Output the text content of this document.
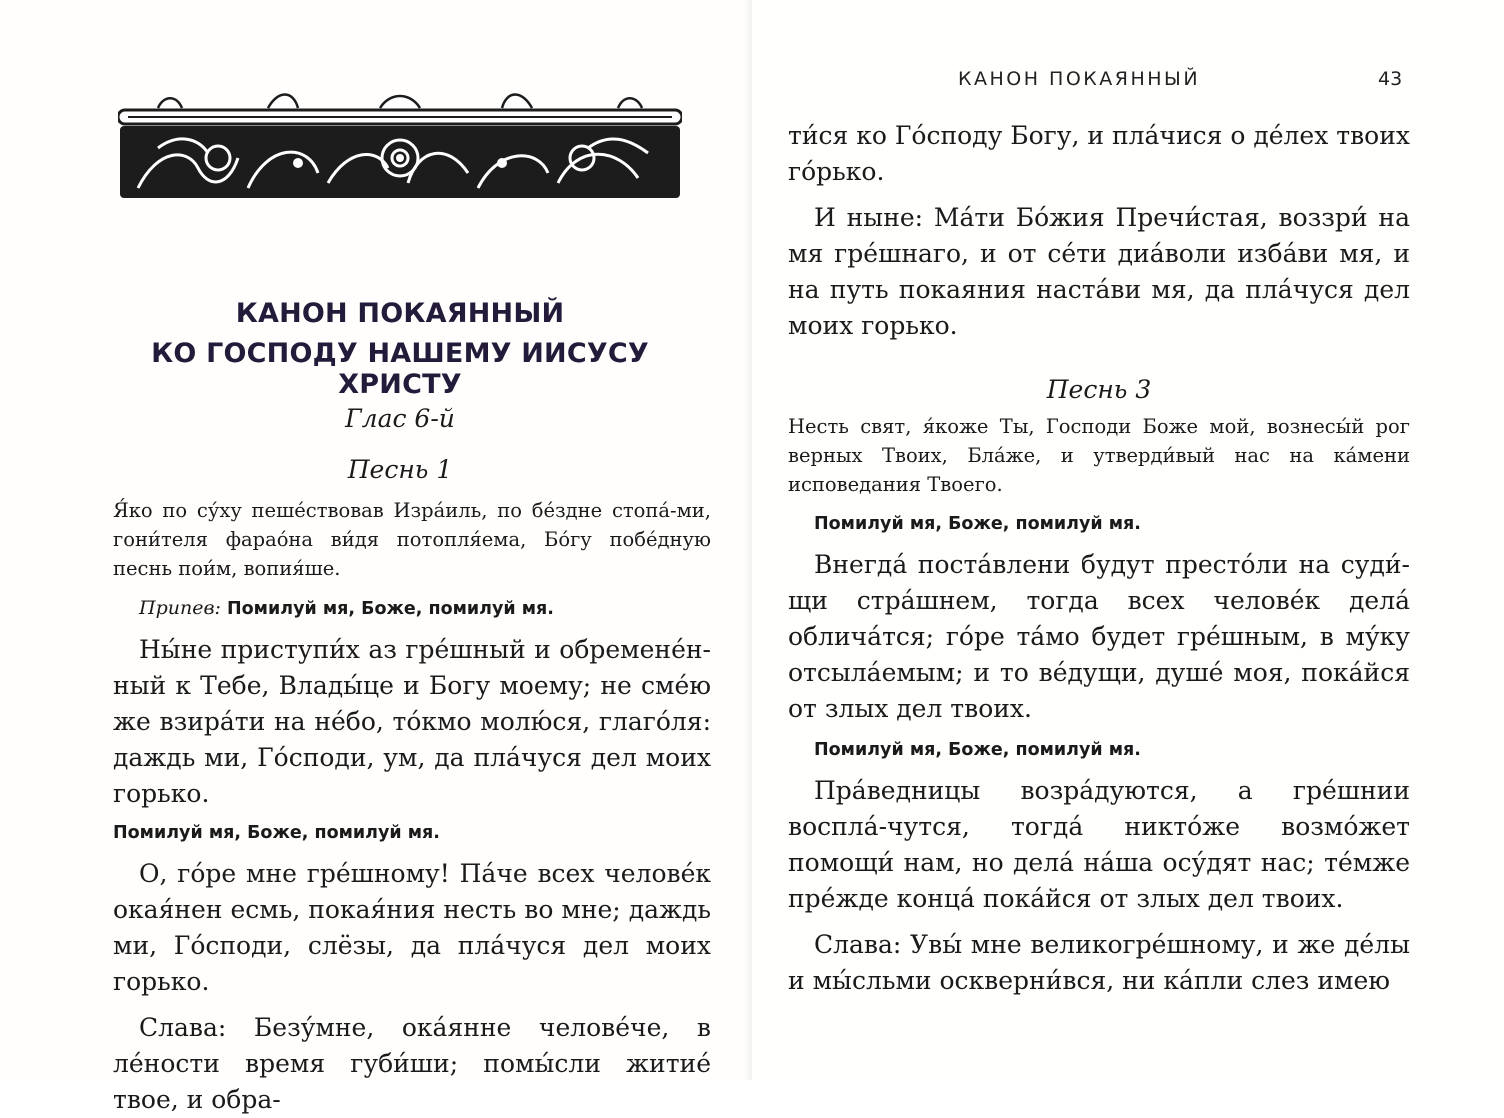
КАНОН ПОКАЯННЫЙ

КО ГОСПОДУ НАШЕМУ ИИСУСУ ХРИСТУ

Глас 6-й

Песнь 1

Я́ко по су́ху пеше́ствовав Изра́иль, по бе́здне стопа́-ми, гони́теля фарао́на ви́дя потопля́ема, Бо́гу побе́дную песнь пои́м, вопия́ше.

Припев: Помилуй мя, Боже, помилуй мя.

Ны́не приступи́х аз гре́шный и обремене́н-ный к Тебе, Влады́це и Богу моему; не сме́ю же взира́ти на не́бо, то́кмо молю́ся, глаго́ля: даждь ми, Го́споди, ум, да пла́чуся дел моих горько.

Помилуй мя, Боже, помилуй мя.

О, го́ре мне гре́шному! Па́че всех челове́к окая́нен есмь, покая́ния несть во мне; даждь ми, Го́споди, слёзы, да пла́чуся дел моих горько.

Слава: Безу́мне, ока́янне челове́че, в ле́ности время губи́ши; помы́сли житие́ твое, и обра-

КАНОН ПОКАЯННЫЙ	43

ти́ся ко Го́споду Богу, и пла́чися о де́лех твоих го́рько.

И ныне: Ма́ти Бо́жия Пречи́стая, воззри́ на мя гре́шнаго, и от се́ти диа́воли изба́ви мя, и на путь покаяния наста́ви мя, да пла́чуся дел моих горько.

Песнь 3

Несть свят, я́коже Ты, Господи Боже мой, вознесы́й рог верных Твоих, Бла́же, и утверди́вый нас на ка́мени исповедания Твоего.

Помилуй мя, Боже, помилуй мя.

Внегда́ поста́влени будут престо́ли на суди́-щи стра́шнем, тогда всех челове́к дела́ облича́тся; го́ре та́мо будет гре́шным, в му́ку отсыла́емым; и то ве́дущи, душе́ моя, пока́йся от злых дел твоих.

Помилуй мя, Боже, помилуй мя.

Пра́ведницы возра́дуются, а гре́шнии воспла́-чутся, тогда́ никто́же возмо́жет помощи́ нам, но дела́ на́ша осу́дят нас; те́мже пре́жде конца́ пока́йся от злых дел твоих.

Слава: Увы́ мне великогре́шному, и же де́лы и мы́сльми оскверни́вся, ни ка́пли слез имею
